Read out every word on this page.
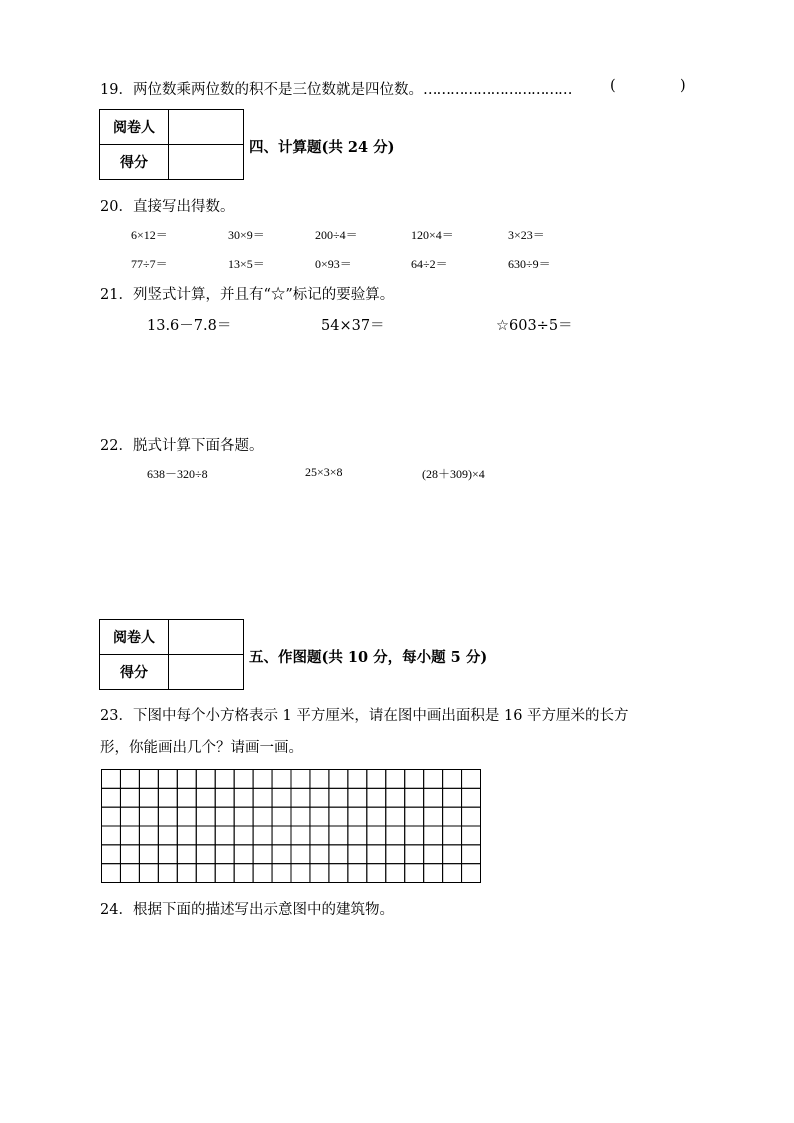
19．两位数乘两位数的积不是三位数就是四位数。……………………………	(	)
阅卷人	
得分	
四、计算题(共 24 分)
20．直接写出得数。
6×12＝	30×9＝	200÷4＝	120×4＝	3×23＝
77÷7＝	13×5＝	0×93＝	64÷2＝	630÷9＝
21．列竖式计算，并且有“☆”标记的要验算。
13.6－7.8＝	54×37＝	☆603÷5＝
22．脱式计算下面各题。
638－320÷8	25×3×8	(28＋309)×4
阅卷人	
得分	
五、作图题(共 10 分，每小题 5 分)
23．下图中每个小方格表示 1 平方厘米，请在图中画出面积是 16 平方厘米的长方
形，你能画出几个？请画一画。
24．根据下面的描述写出示意图中的建筑物。
